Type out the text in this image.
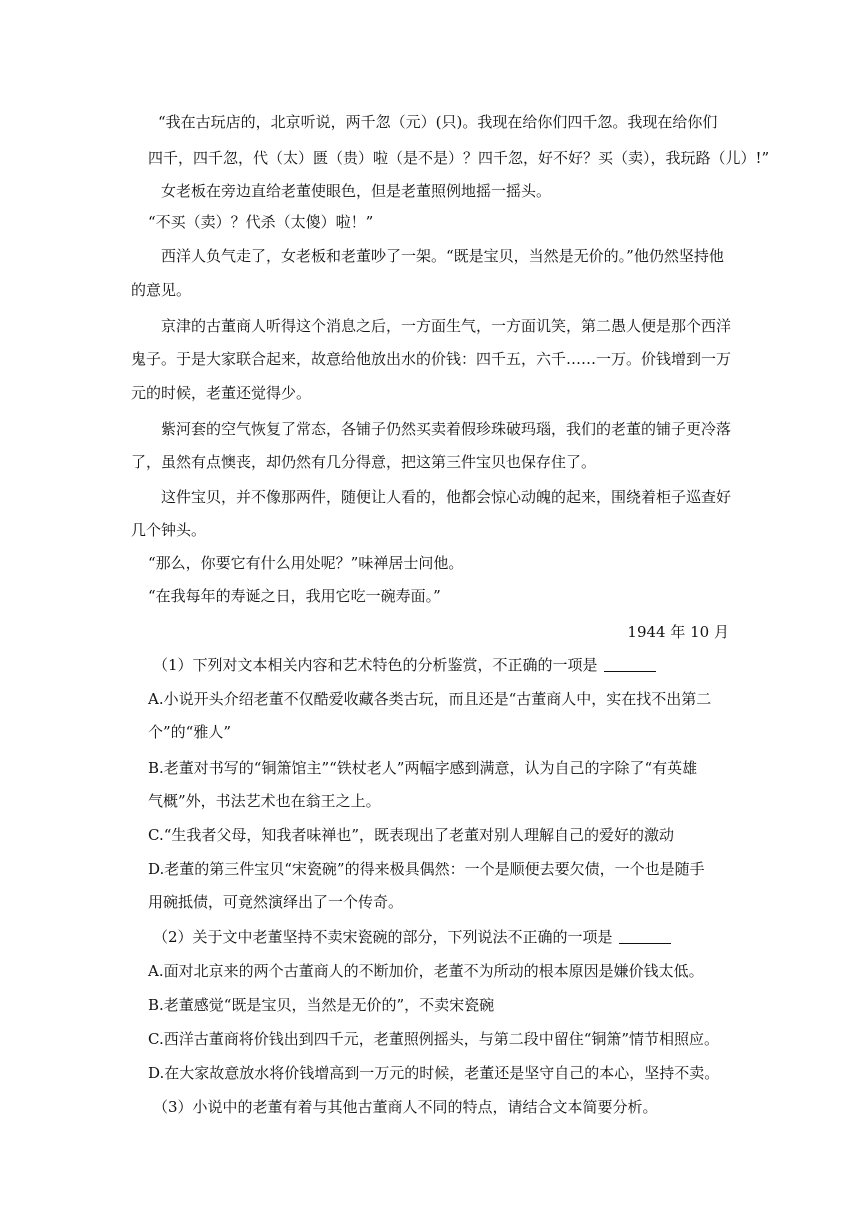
“我在古玩店的，北京听说，两千忽（元）(只)。我现在给你们四千忽。我现在给你们
四千，四千忽，代（太）匮（贵）啦（是不是）？四千忽，好不好？买（卖），我玩路（儿）!”
女老板在旁边直给老董使眼色，但是老董照例地摇一摇头。
“不买（卖）？代杀（太傻）啦！”
西洋人负气走了，女老板和老董吵了一架。“既是宝贝，当然是无价的。”他仍然坚持他
的意见。
京津的古董商人听得这个消息之后，一方面生气，一方面讥笑，第二愚人便是那个西洋
鬼子。于是大家联合起来，故意给他放出水的价钱：四千五，六千……一万。价钱增到一万
元的时候，老董还觉得少。
紫河套的空气恢复了常态，各铺子仍然买卖着假珍珠破玛瑙，我们的老董的铺子更冷落
了，虽然有点懊丧，却仍然有几分得意，把这第三件宝贝也保存住了。
这件宝贝，并不像那两件，随便让人看的，他都会惊心动魄的起来，围绕着柜子巡查好
几个钟头。
“那么，你要它有什么用处呢？”味禅居士问他。
“在我每年的寿诞之日，我用它吃一碗寿面。”
1944 年 10 月
（1）下列对文本相关内容和艺术特色的分析鉴赏，不正确的一项是
A.小说开头介绍老董不仅酷爱收藏各类古玩，而且还是“古董商人中，实在找不出第二
个”的“雅人”
B.老董对书写的“铜箫馆主”“铁杖老人”两幅字感到满意，认为自己的字除了“有英雄
气概”外，书法艺术也在翁王之上。
C.“生我者父母，知我者味禅也”，既表现出了老董对别人理解自己的爱好的激动
D.老董的第三件宝贝“宋瓷碗”的得来极具偶然：一个是顺便去要欠债，一个也是随手
用碗抵债，可竟然演绎出了一个传奇。
（2）关于文中老董坚持不卖宋瓷碗的部分，下列说法不正确的一项是
A.面对北京来的两个古董商人的不断加价，老董不为所动的根本原因是嫌价钱太低。
B.老董感觉“既是宝贝，当然是无价的”，不卖宋瓷碗
C.西洋古董商将价钱出到四千元，老董照例摇头，与第二段中留住“铜箫”情节相照应。
D.在大家故意放水将价钱增高到一万元的时候，老董还是坚守自己的本心，坚持不卖。
（3）小说中的老董有着与其他古董商人不同的特点，请结合文本简要分析。
